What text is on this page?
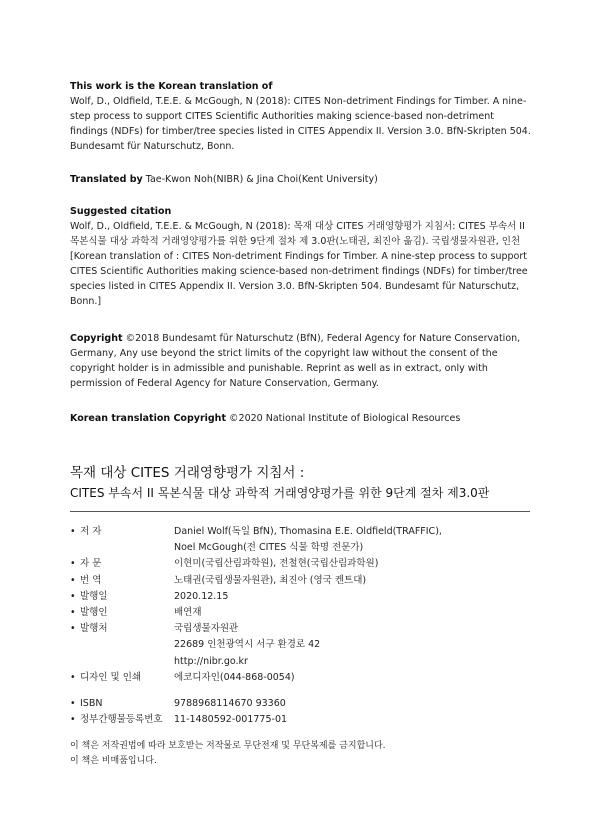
This work is the Korean translation of

Wolf, D., Oldfield, T.E.E. & McGough, N (2018): CITES Non-detriment Findings for Timber. A nine-step process to support CITES Scientific Authorities making science-based non-detriment findings (NDFs) for timber/tree species listed in CITES Appendix II. Version 3.0. BfN-Skripten 504. Bundesamt für Naturschutz, Bonn.

Translated by Tae-Kwon Noh(NIBR) & Jina Choi(Kent University)

Suggested citation

Wolf, D., Oldfield, T.E.E. & McGough, N (2018): 목재 대상 CITES 거래영향평가 지침서: CITES 부속서 II 목본식물 대상 과학적 거래영양평가를 위한 9단계 절차 제 3.0판(노태권, 최진아 옮김). 국립생물자원관, 인천 [Korean translation of : CITES Non-detriment Findings for Timber. A nine-step process to support CITES Scientific Authorities making science-based non-detriment findings (NDFs) for timber/tree species listed in CITES Appendix II. Version 3.0. BfN-Skripten 504. Bundesamt für Naturschutz, Bonn.]

Copyright ©2018 Bundesamt für Naturschutz (BfN), Federal Agency for Nature Conservation, Germany, Any use beyond the strict limits of the copyright law without the consent of the copyright holder is in admissible and punishable. Reprint as well as in extract, only with permission of Federal Agency for Nature Conservation, Germany.

Korean translation Copyright ©2020 National Institute of Biological Resources

목재 대상 CITES 거래영향평가 지침서 :
CITES 부속서 II 목본식물 대상 과학적 거래영양평가를 위한 9단계 절차 제3.0판
• 저 자	Daniel Wolf(독일 BfN), Thomasina E.E. Oldfield(TRAFFIC),
Noel McGough(전 CITES 식물 학명 전문가)
• 자 문	이현미(국립산림과학원), 전철현(국립산림과학원)
• 번 역	노태권(국립생물자원관), 최진아 (영국 켄트대)
• 발행일	2020.12.15
• 발행인	배연재
• 발행처	국립생물자원관
22689 인천광역시 서구 환경로 42
http://nibr.go.kr
• 디자인 및 인쇄	에코디자인(044-868-0054)
• ISBN	9788968114670 93360
• 정부간행물등록번호 11-1480592-001775-01
이 책은 저작권법에 따라 보호받는 저작물로 무단전재 및 무단복제를 금지합니다.
이 책은 비매품입니다.
